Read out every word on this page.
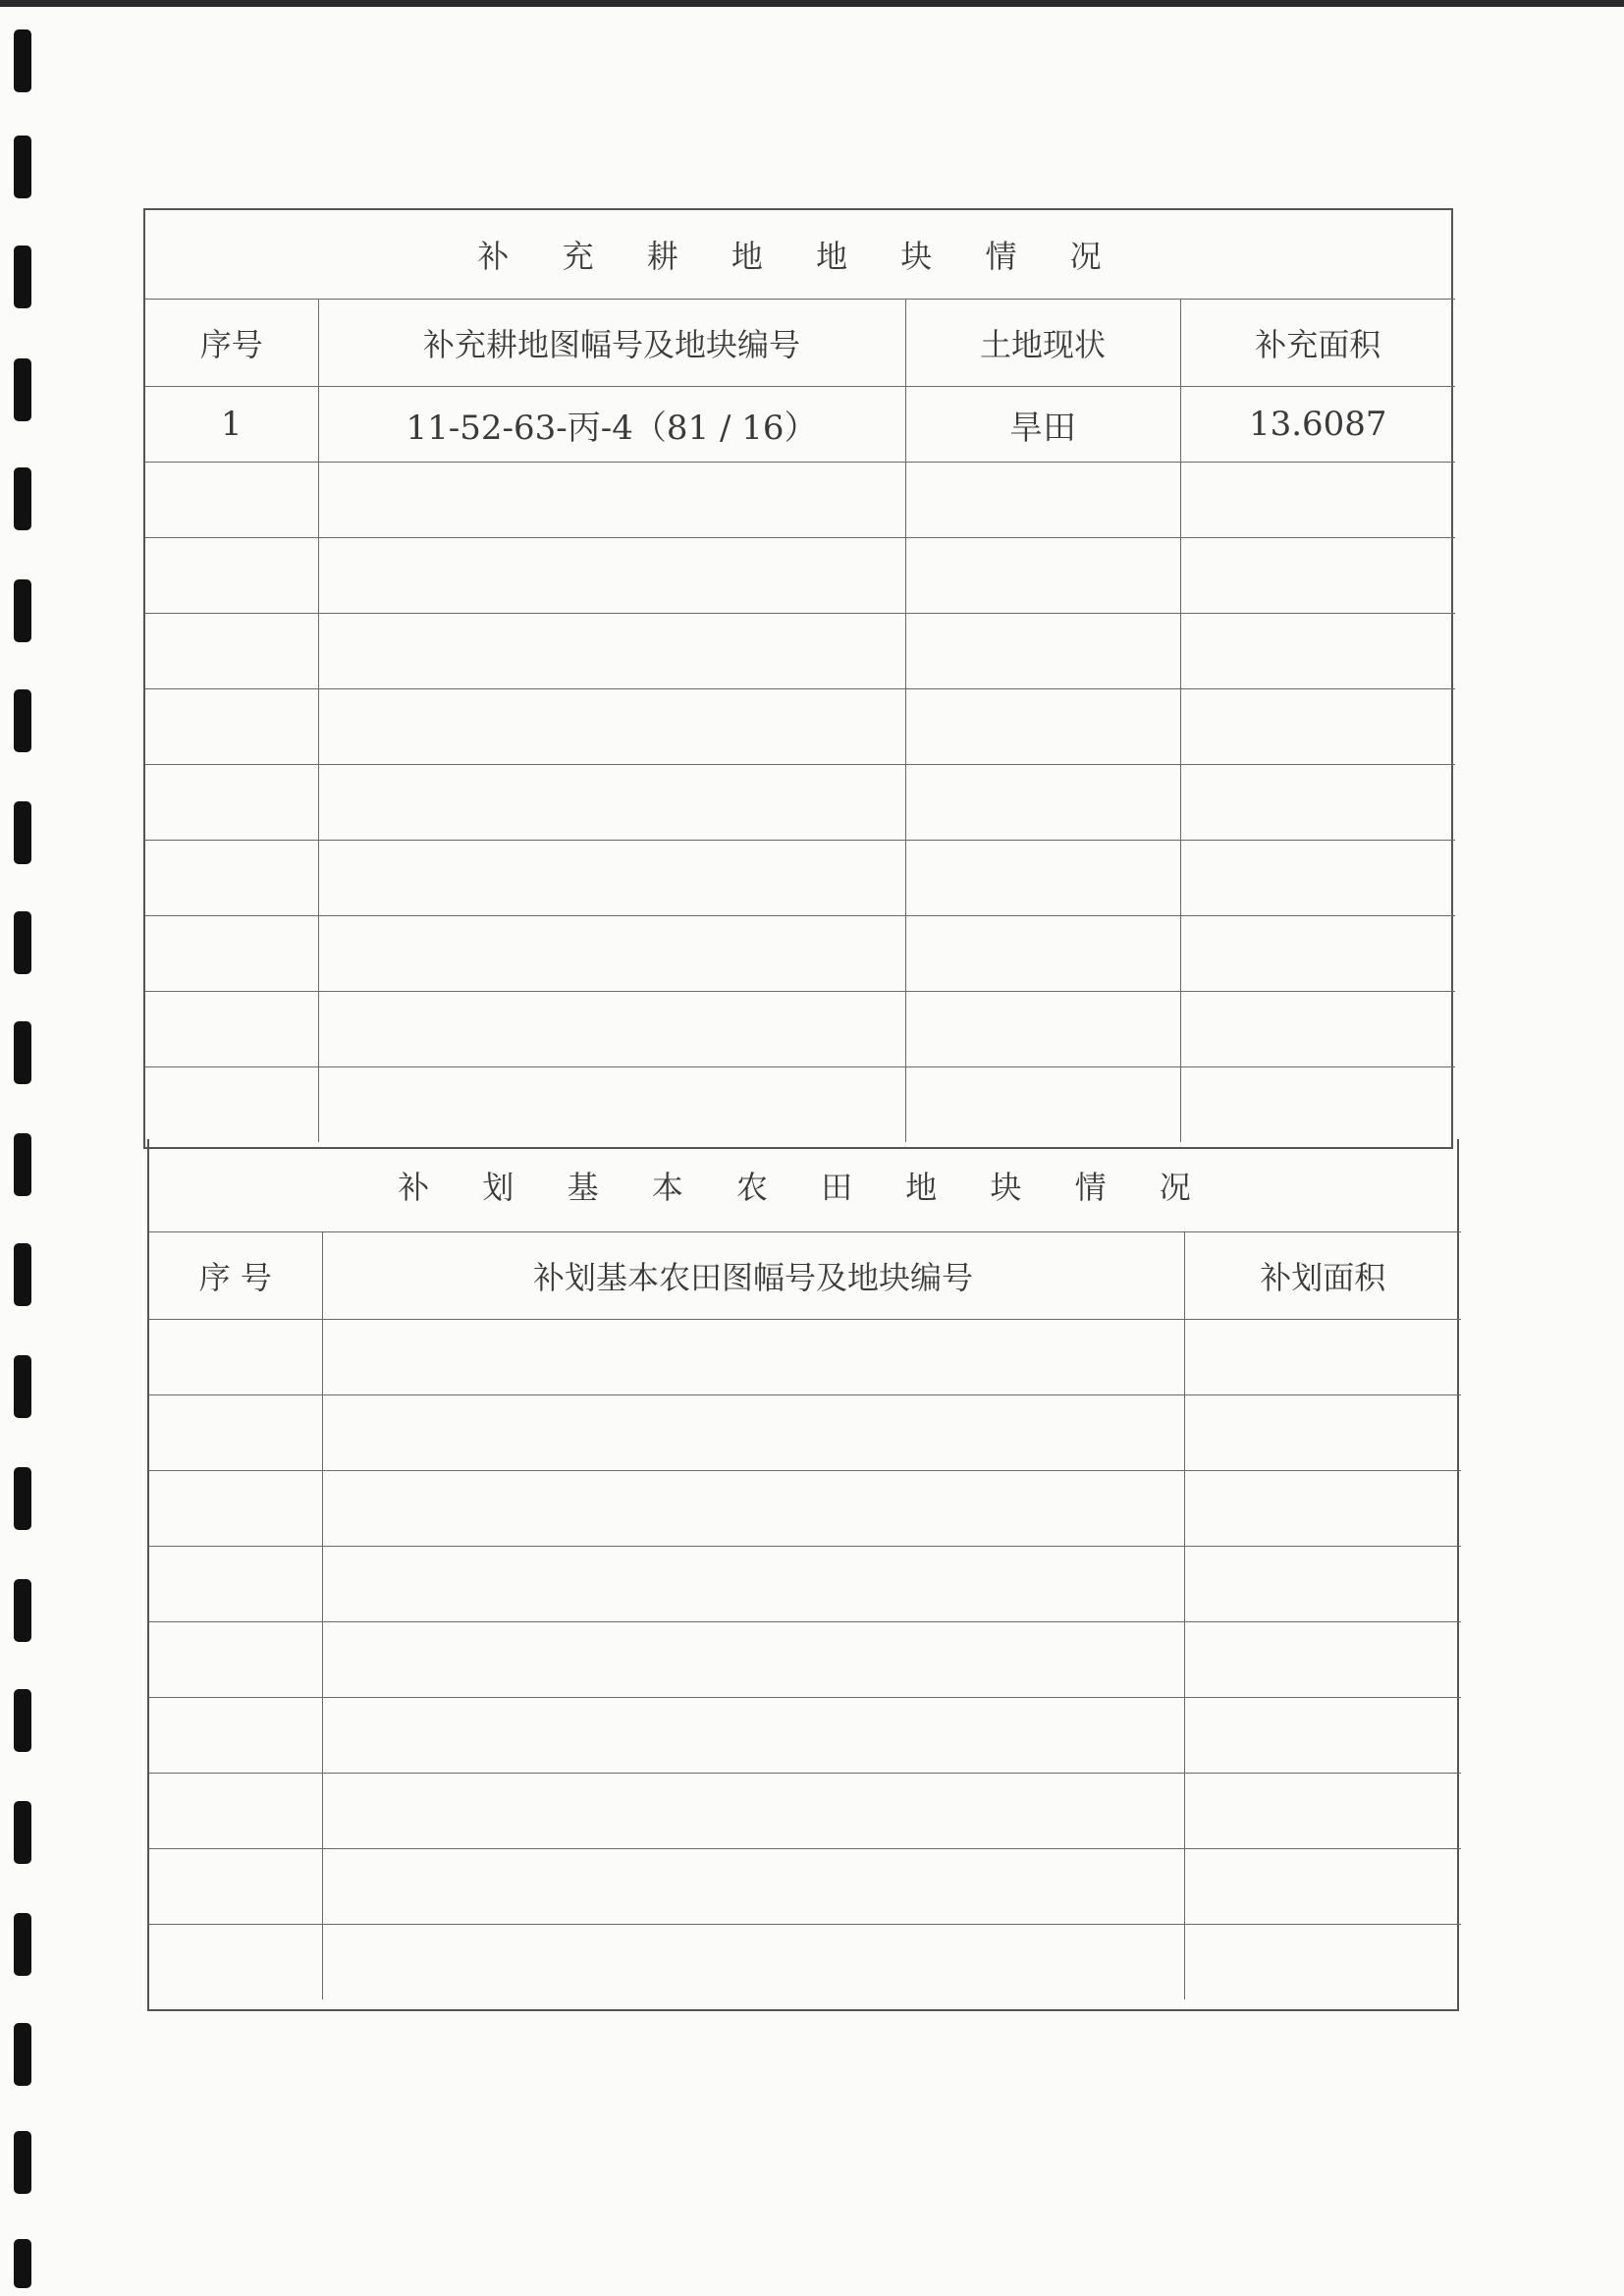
补 充 耕 地 地 块 情 况			
序号	补充耕地图幅号及地块编号	土地现状	补充面积
1	11-52-63-丙-4（81 / 16）	旱田	13.6087

补 划 基 本 农 田 地 块 情 况		
序 号	补划基本农田图幅号及地块编号	补划面积
